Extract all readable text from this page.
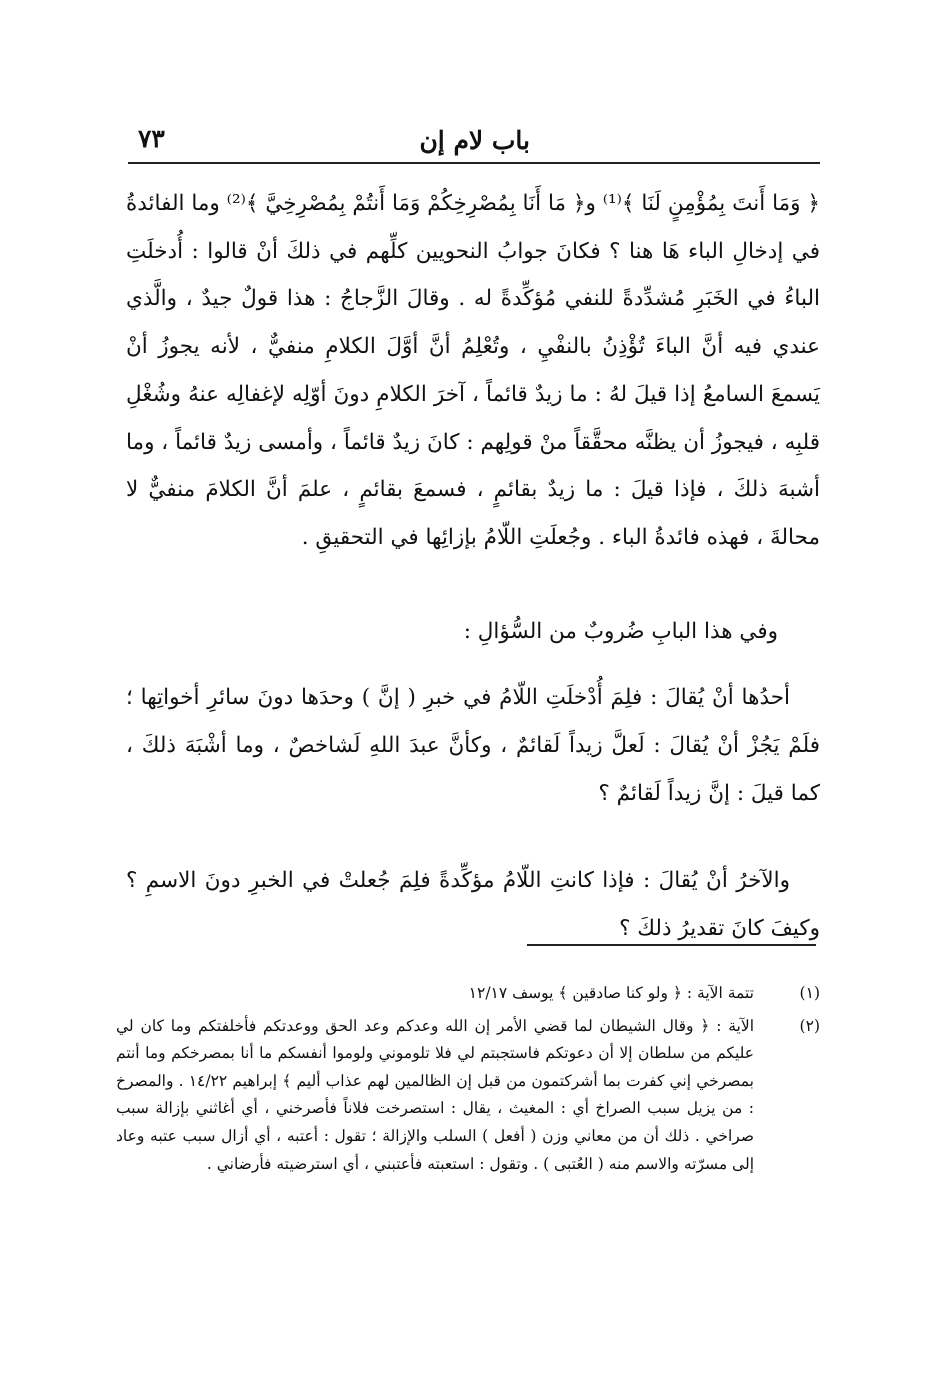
باب لام إن
٧٣

﴿ وَمَا أَنتَ بِمُؤْمِنٍ لَنَا ﴾⁽¹⁾ و﴿ مَا أَنَا بِمُصْرِخِكُمْ وَمَا أَنتُمْ بِمُصْرِخِيَّ ﴾⁽²⁾ وما الفائدةُ في إدخالِ الباء هَا هنا ؟ فكانَ جوابُ النحويين كلِّهم في ذلكَ أنْ قالوا : أُدخلَتِ الباءُ في الخَبَرِ مُشدِّدةً للنفي مُؤكِّدةً له . وقالَ الزَّجاجُ : هذا قولٌ جيدٌ ، والَّذي عندي فيه أنَّ الباءَ تُؤْذِنُ بالنفْيِ ، وتُعْلِمُ أنَّ أوَّلَ الكلامِ منفيٌّ ، لأنه يجوزُ أنْ يَسمعَ السامعُ إذا قيلَ لهُ : ما زيدٌ قائماً ، آخرَ الكلامِ دونَ أوّلِه لإغفالِه عنهُ وشُغْلِ قلبِه ، فيجوزُ أن يظنَّه محقَّقاً منْ قولِهم : كانَ زيدٌ قائماً ، وأمسى زيدٌ قائماً ، وما أشبهَ ذلكَ ، فإذا قيلَ : ما زيدٌ بقائمٍ ، فسمعَ بقائمٍ ، علمَ أنَّ الكلامَ منفيٌّ لا محالةَ ، فهذه فائدةُ الباء . وجُعلَتِ اللّامُ بإزائِها في التحقيقِ .

وفي هذا البابِ ضُروبٌ من السُّؤالِ :

أحدُها أنْ يُقالَ : فلِمَ أُدْخلَتِ اللّامُ في خبرِ ( إنَّ ) وحدَها دونَ سائرِ أخواتِها ؛ فلَمْ يَجُزْ أنْ يُقالَ : لَعلَّ زيداً لَقائمٌ ، وكأنَّ عبدَ اللهِ لَشاخصٌ ، وما أشْبَهَ ذلكَ ، كما قيلَ : إنَّ زيداً لَقائمٌ ؟

والآخرُ أنْ يُقالَ : فإذا كانتِ اللّامُ مؤكِّدةً فلِمَ جُعلتْ في الخبرِ دونَ الاسمِ ؟ وكيفَ كانَ تقديرُ ذلكَ ؟

(١)
تتمة الآية : ﴿ ولو كنا صادقين ﴾ يوسف ١٢/١٧
(٢)
الآية : ﴿ وقال الشيطان لما قضي الأمر إن الله وعدكم وعد الحق ووعدتكم فأخلفتكم وما كان لي عليكم من سلطان إلا أن دعوتكم فاستجبتم لي فلا تلوموني ولوموا أنفسكم ما أنا بمصرخكم وما أنتم بمصرخي إني كفرت بما أشركتمون من قبل إن الظالمين لهم عذاب أليم ﴾ إبراهيم ١٤/٢٢ . والمصرخ : من يزيل سبب الصراخ أي : المغيث ، يقال : استصرخت فلاناً فأصرخني ، أي أغاثني بإزالة سبب صراخي . ذلك أن من معاني وزن ( أفعل ) السلب والإزالة ؛ تقول : أعتبه ، أي أزال سبب عتبه وعاد إلى مسرّته والاسم منه ( العُتبى ) . وتقول : استعبته فأعتبني ، أي استرضيته فأرضاني .
